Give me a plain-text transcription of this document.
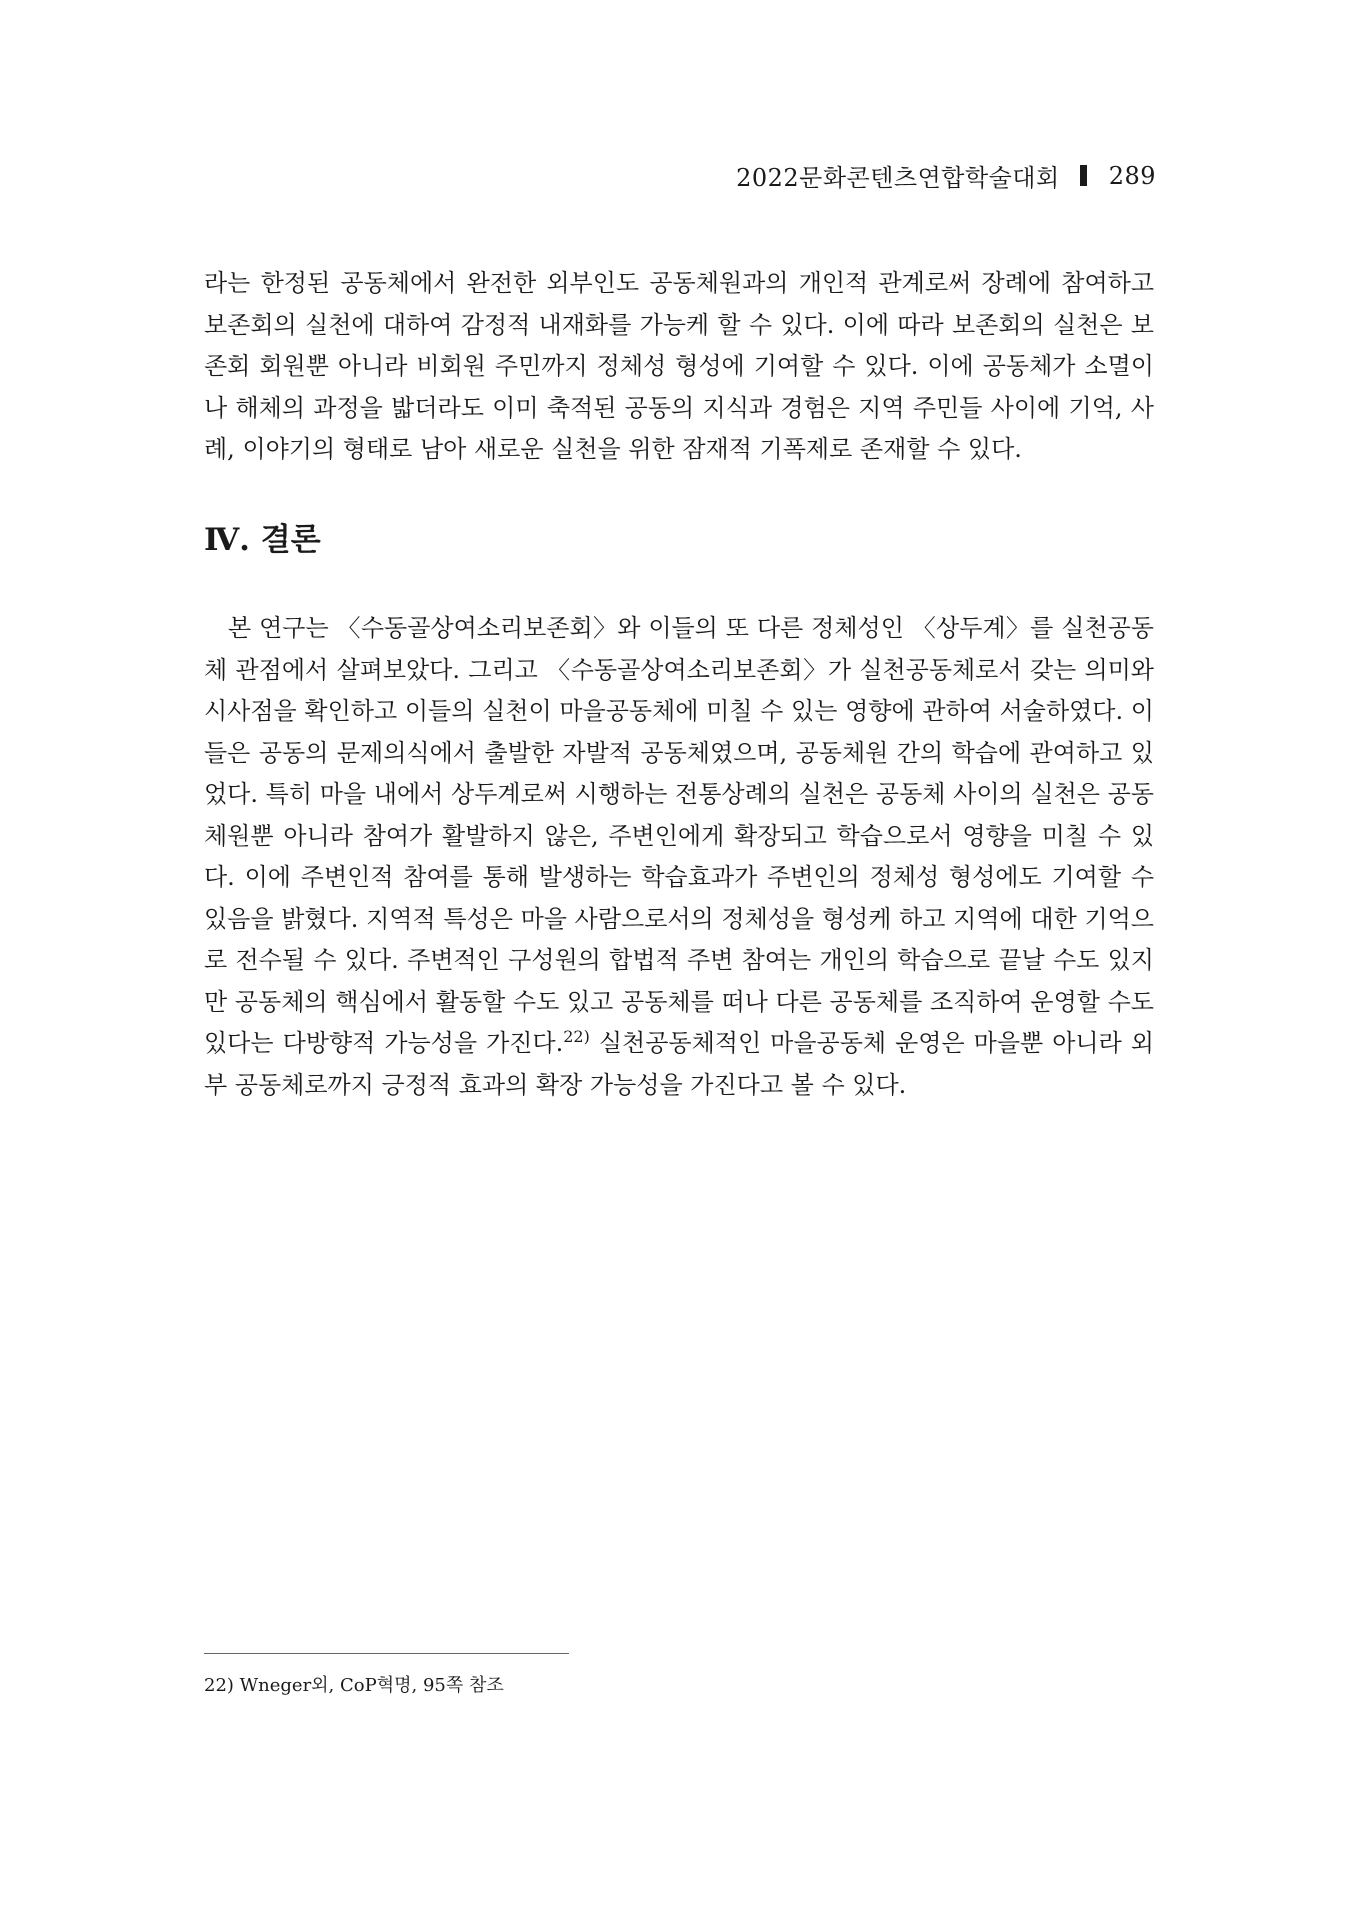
2022문화콘텐츠연합학술대회 289

라는 한정된 공동체에서 완전한 외부인도 공동체원과의 개인적 관계로써 장례에 참여하고 보존회의 실천에 대하여 감정적 내재화를 가능케 할 수 있다. 이에 따라 보존회의 실천은 보존회 회원뿐 아니라 비회원 주민까지 정체성 형성에 기여할 수 있다. 이에 공동체가 소멸이나 해체의 과정을 밟더라도 이미 축적된 공동의 지식과 경험은 지역 주민들 사이에 기억, 사례, 이야기의 형태로 남아 새로운 실천을 위한 잠재적 기폭제로 존재할 수 있다.

Ⅳ. 결론

본 연구는 〈수동골상여소리보존회〉와 이들의 또 다른 정체성인 〈상두계〉를 실천공동체 관점에서 살펴보았다. 그리고 〈수동골상여소리보존회〉가 실천공동체로서 갖는 의미와 시사점을 확인하고 이들의 실천이 마을공동체에 미칠 수 있는 영향에 관하여 서술하였다. 이들은 공동의 문제의식에서 출발한 자발적 공동체였으며, 공동체원 간의 학습에 관여하고 있었다. 특히 마을 내에서 상두계로써 시행하는 전통상례의 실천은 공동체 사이의 실천은 공동체원뿐 아니라 참여가 활발하지 않은, 주변인에게 확장되고 학습으로서 영향을 미칠 수 있다. 이에 주변인적 참여를 통해 발생하는 학습효과가 주변인의 정체성 형성에도 기여할 수 있음을 밝혔다. 지역적 특성은 마을 사람으로서의 정체성을 형성케 하고 지역에 대한 기억으로 전수될 수 있다. 주변적인 구성원의 합법적 주변 참여는 개인의 학습으로 끝날 수도 있지만 공동체의 핵심에서 활동할 수도 있고 공동체를 떠나 다른 공동체를 조직하여 운영할 수도 있다는 다방향적 가능성을 가진다.$^{22)}$ 실천공동체적인 마을공동체 운영은 마을뿐 아니라 외부 공동체로까지 긍정적 효과의 확장 가능성을 가진다고 볼 수 있다.

22) Wneger외, CoP혁명, 95쪽 참조
